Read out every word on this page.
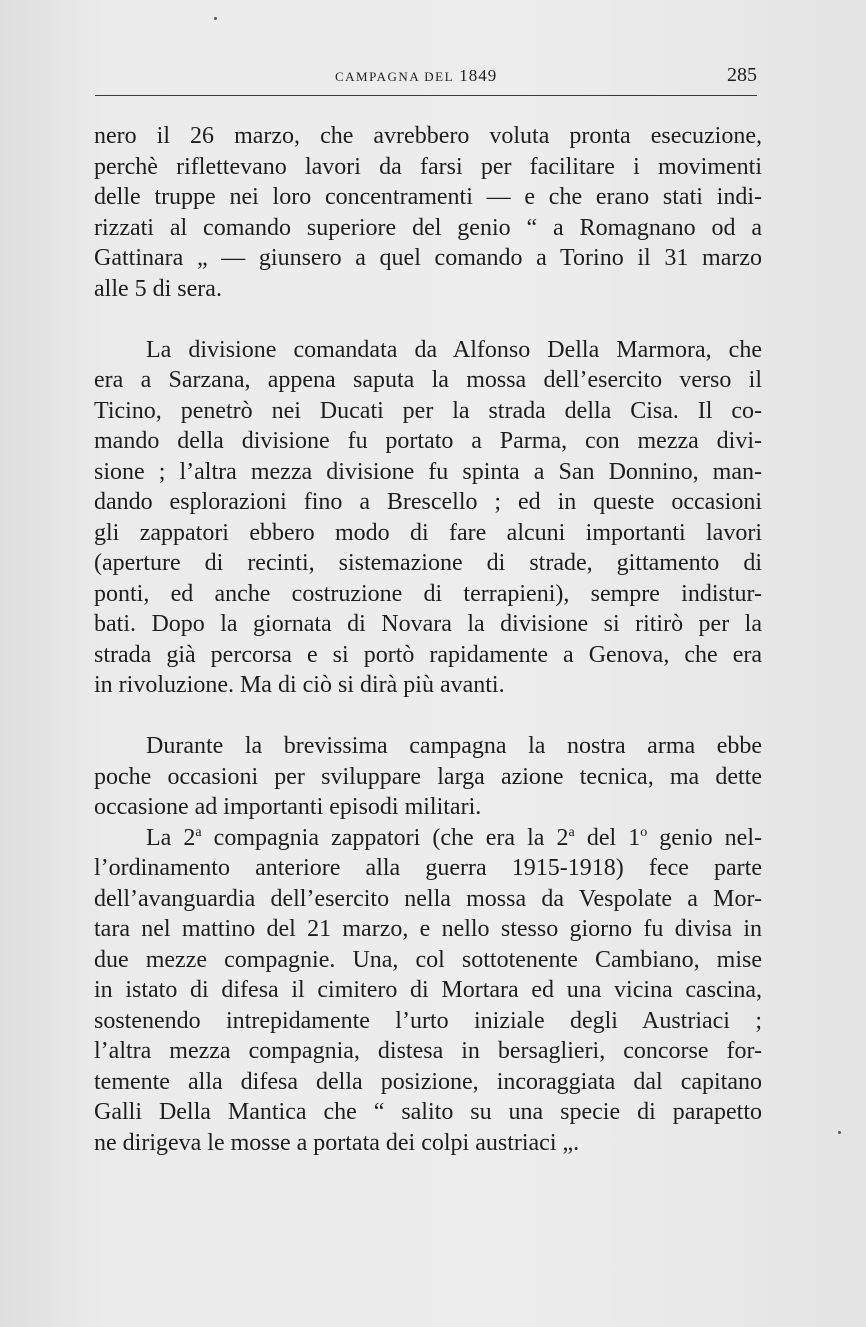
CAMPAGNA DEL 1849	285
nero il 26 marzo, che avrebbero voluta pronta esecuzione,
perchè riflettevano lavori da farsi per facilitare i movimenti
delle truppe nei loro concentramenti — e che erano stati indi-
rizzati al comando superiore del genio “ a Romagnano od a
Gattinara „ — giunsero a quel comando a Torino il 31 marzo
alle 5 di sera.
La divisione comandata da Alfonso Della Marmora, che
era a Sarzana, appena saputa la mossa dell’esercito verso il
Ticino, penetrò nei Ducati per la strada della Cisa. Il co-
mando della divisione fu portato a Parma, con mezza divi-
sione ; l’altra mezza divisione fu spinta a San Donnino, man-
dando esplorazioni fino a Brescello ; ed in queste occasioni
gli zappatori ebbero modo di fare alcuni importanti lavori
(aperture di recinti, sistemazione di strade, gittamento di
ponti, ed anche costruzione di terrapieni), sempre indistur-
bati. Dopo la giornata di Novara la divisione si ritirò per la
strada già percorsa e si portò rapidamente a Genova, che era
in rivoluzione. Ma di ciò si dirà più avanti.
Durante la brevissima campagna la nostra arma ebbe
poche occasioni per sviluppare larga azione tecnica, ma dette
occasione ad importanti episodi militari.
La 2$^a$ compagnia zappatori (che era la 2$^a$ del 1$^o$ genio nel-
l’ordinamento anteriore alla guerra 1915-1918) fece parte
dell’avanguardia dell’esercito nella mossa da Vespolate a Mor-
tara nel mattino del 21 marzo, e nello stesso giorno fu divisa in
due mezze compagnie. Una, col sottotenente Cambiano, mise
in istato di difesa il cimitero di Mortara ed una vicina cascina,
sostenendo intrepidamente l’urto iniziale degli Austriaci ;
l’altra mezza compagnia, distesa in bersaglieri, concorse for-
temente alla difesa della posizione, incoraggiata dal capitano
Galli Della Mantica che “ salito su una specie di parapetto
ne dirigeva le mosse a portata dei colpi austriaci „.
